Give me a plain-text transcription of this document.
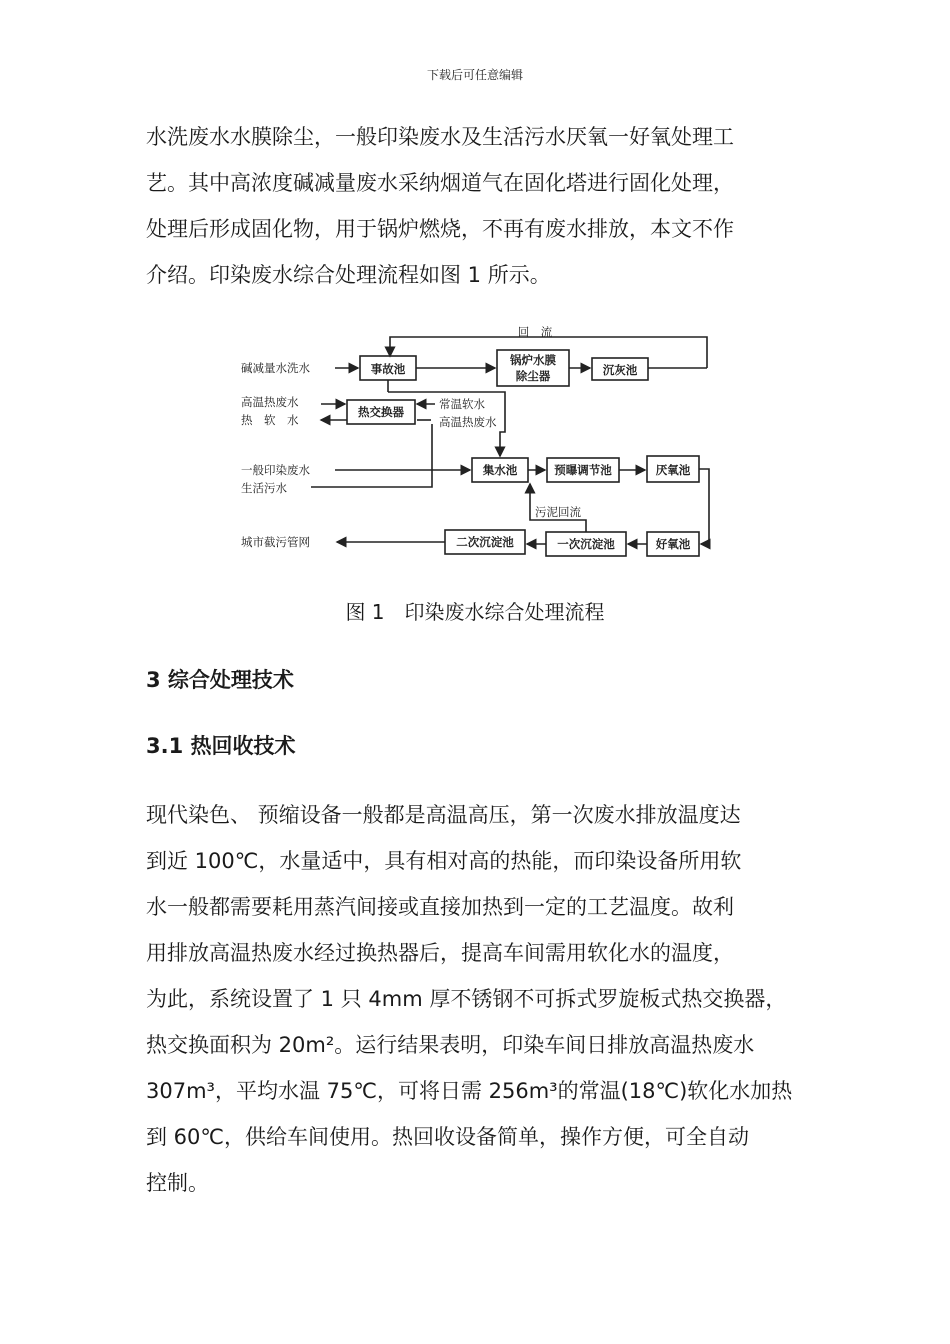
下载后可任意编辑
水洗废水水膜除尘，一般印染废水及生活污水厌氧一好氧处理工
艺。其中高浓度碱减量废水采纳烟道气在固化塔进行固化处理，
处理后形成固化物，用于锅炉燃烧，不再有废水排放，本文不作
介绍。印染废水综合处理流程如图 1 所示。
事故池
锅炉水膜
除尘器	沉灰池
热交换器
集水池	预曝调节池	厌氧池
好氧池
一次沉淀池
二次沉淀池
回　流
碱减量水洗水
高温热废水
热　软　水
常温软水
高温热废水
一般印染废水
生活污水
污泥回流
城市截污管网
图 1　印染废水综合处理流程
3 综合处理技术
3.1 热回收技术
现代染色、 预缩设备一般都是高温高压，第一次废水排放温度达
到近 100℃，水量适中，具有相对高的热能，而印染设备所用软
水一般都需要耗用蒸汽间接或直接加热到一定的工艺温度。故利
用排放高温热废水经过换热器后，提高车间需用软化水的温度，
为此，系统设置了 1 只 4mm 厚不锈钢不可拆式罗旋板式热交换器，
热交换面积为 20m²。运行结果表明，印染车间日排放高温热废水
307m³，平均水温 75℃，可将日需 256m³的常温(18℃)软化水加热
到 60℃，供给车间使用。热回收设备简单，操作方便，可全自动
控制。
